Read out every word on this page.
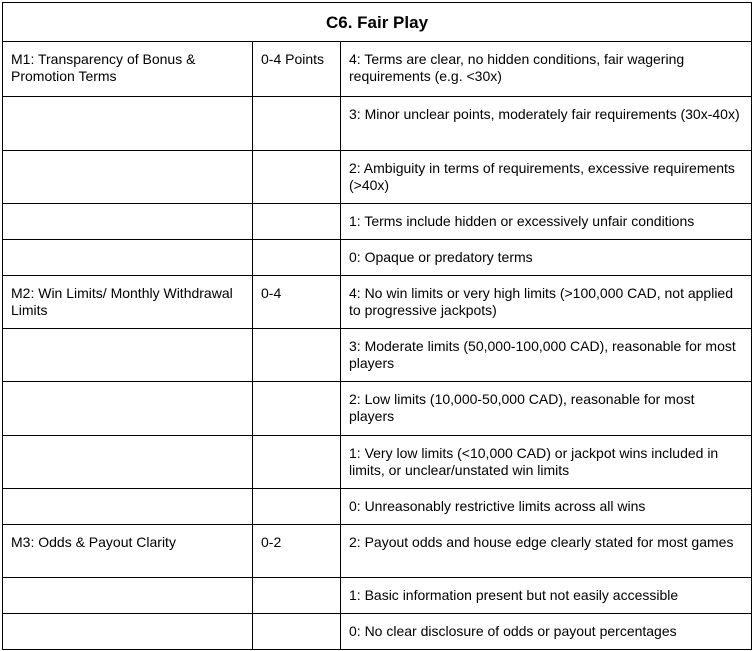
C6. Fair Play		
M1: Transparency of Bonus & Promotion Terms	0-4 Points	4: Terms are clear, no hidden conditions, fair wagering requirements (e.g. <30x)
		3: Minor unclear points, moderately fair requirements (30x-40x)
		2: Ambiguity in terms of requirements, excessive requirements (>40x)
		1: Terms include hidden or excessively unfair conditions
		0: Opaque or predatory terms
M2: Win Limits/ Monthly Withdrawal Limits	0-4	4: No win limits or very high limits (>100,000 CAD, not applied to progressive jackpots)
		3: Moderate limits (50,000-100,000 CAD), reasonable for most players
		2: Low limits (10,000-50,000 CAD), reasonable for most players
		1: Very low limits (<10,000 CAD) or jackpot wins included in limits, or unclear/unstated win limits
		0: Unreasonably restrictive limits across all wins
M3: Odds & Payout Clarity	0-2	2: Payout odds and house edge clearly stated for most games
		1: Basic information present but not easily accessible
		0: No clear disclosure of odds or payout percentages
